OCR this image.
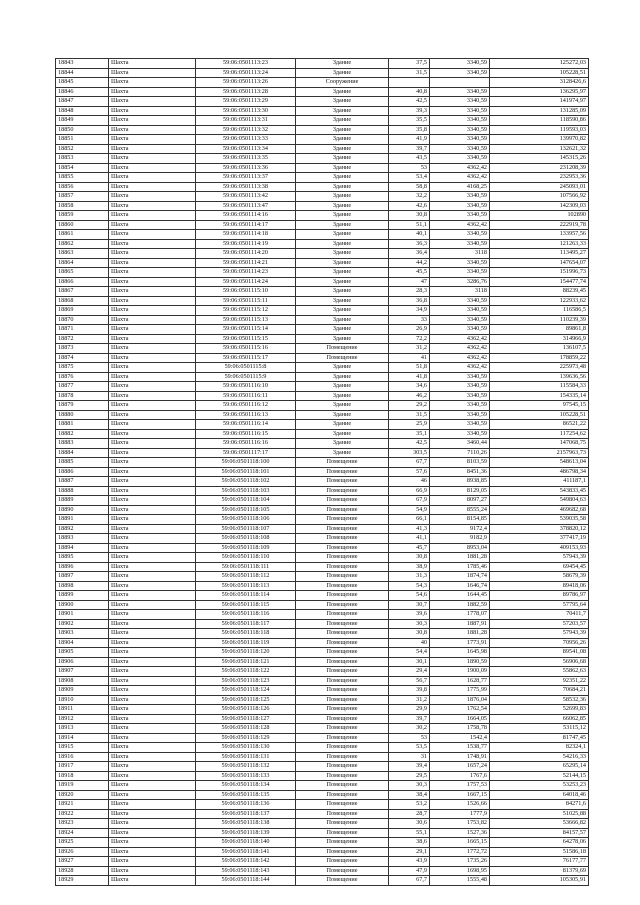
18843	Шахта	59:06:0501113:23	Здание	37,5	3340,59	125272,03
18844	Шахта	59:06:0501113:24	Здание	31,5	3340,59	105228,51
18845	Шахта	59:06:0501113:26	Сооружение			3128426,6
18846	Шахта	59:06:0501113:28	Здание	40,8	3340,59	136295,97
18847	Шахта	59:06:0501113:29	Здание	42,5	3340,59	141974,97
18848	Шахта	59:06:0501113:30	Здание	39,3	3340,59	131285,09
18849	Шахта	59:06:0501113:31	Здание	35,5	3340,59	118590,86
18850	Шахта	59:06:0501113:32	Здание	35,8	3340,59	119593,03
18851	Шахта	59:06:0501113:33	Здание	41,9	3340,59	139970,82
18852	Шахта	59:06:0501113:34	Здание	39,7	3340,59	132621,32
18853	Шахта	59:06:0501113:35	Здание	43,5	3340,59	145315,26
18854	Шахта	59:06:0501113:36	Здание	53	4362,42	231208,39
18855	Шахта	59:06:0501113:37	Здание	53,4	4362,42	232953,36
18856	Шахта	59:06:0501113:38	Здание	58,8	4168,25	245093,01
18857	Шахта	59:06:0501113:42	Здание	32,2	3340,59	107566,92
18858	Шахта	59:06:0501113:47	Здание	42,6	3340,59	142309,03
18859	Шахта	59:06:0501114:16	Здание	30,8	3340,59	102890
18860	Шахта	59:06:0501114:17	Здание	51,1	4362,42	222919,78
18861	Шахта	59:06:0501114:18	Здание	40,1	3340,59	133957,56
18862	Шахта	59:06:0501114:19	Здание	36,3	3340,59	121263,33
18863	Шахта	59:06:0501114:20	Здание	36,4	3118	113495,27
18864	Шахта	59:06:0501114:21	Здание	44,2	3340,59	147654,07
18865	Шахта	59:06:0501114:23	Здание	45,5	3340,59	151996,73
18866	Шахта	59:06:0501114:24	Здание	47	3286,76	154477,74
18867	Шахта	59:06:0501115:10	Здание	28,3	3118	88239,45
18868	Шахта	59:06:0501115:11	Здание	36,8	3340,59	122933,62
18869	Шахта	59:06:0501115:12	Здание	34,9	3340,59	116586,5
18870	Шахта	59:06:0501115:13	Здание	33	3340,59	110239,39
18871	Шахта	59:06:0501115:14	Здание	26,9	3340,59	89861,8
18872	Шахта	59:06:0501115:15	Здание	72,2	4362,42	314966,9
18873	Шахта	59:06:0501115:16	Помещение	31,2	4362,42	136107,5
18874	Шахта	59:06:0501115:17	Помещение	41	4362,42	178859,22
18875	Шахта	59:06:0501115:8	Здание	51,8	4362,42	225973,48
18876	Шахта	59:06:0501115:9	Здание	41,8	3340,59	139636,56
18877	Шахта	59:06:0501116:10	Здание	34,6	3340,59	115584,33
18878	Шахта	59:06:0501116:11	Здание	46,2	3340,59	154335,14
18879	Шахта	59:06:0501116:12	Здание	29,2	3340,59	97545,15
18880	Шахта	59:06:0501116:13	Здание	31,5	3340,59	105228,51
18881	Шахта	59:06:0501116:14	Здание	25,9	3340,59	86521,22
18882	Шахта	59:06:0501116:15	Здание	35,1	3340,59	117254,62
18883	Шахта	59:06:0501116:16	Здание	42,5	3460,44	147068,75
18884	Шахта	59:06:0501117:17	Здание	303,5	7110,26	2157963,73
18885	Шахта	59:06:0501118:100	Помещение	67,7	8103,59	548613,04
18886	Шахта	59:06:0501118:101	Помещение	57,6	8451,36	486798,34
18887	Шахта	59:06:0501118:102	Помещение	46	8938,85	411187,1
18888	Шахта	59:06:0501118:103	Помещение	66,9	8129,05	543833,45
18889	Шахта	59:06:0501118:104	Помещение	67,9	8097,27	549804,63
18890	Шахта	59:06:0501118:105	Помещение	54,9	8555,24	469682,68
18891	Шахта	59:06:0501118:106	Помещение	66,1	8154,85	539035,58
18892	Шахта	59:06:0501118:107	Помещение	41,3	9172,4	378820,12
18893	Шахта	59:06:0501118:108	Помещение	41,1	9182,9	377417,19
18894	Шахта	59:06:0501118:109	Помещение	45,7	8953,04	409153,93
18895	Шахта	59:06:0501118:110	Помещение	30,8	1881,28	57943,39
18896	Шахта	59:06:0501118:111	Помещение	38,9	1785,46	69454,45
18897	Шахта	59:06:0501118:112	Помещение	31,3	1874,74	58679,39
18898	Шахта	59:06:0501118:113	Помещение	54,3	1646,74	89418,06
18899	Шахта	59:06:0501118:114	Помещение	54,6	1644,45	89786,97
18900	Шахта	59:06:0501118:115	Помещение	30,7	1882,59	57795,64
18901	Шахта	59:06:0501118:116	Помещение	39,6	1778,07	70411,7
18902	Шахта	59:06:0501118:117	Помещение	30,3	1887,91	57203,57
18903	Шахта	59:06:0501118:118	Помещение	30,8	1881,28	57943,39
18904	Шахта	59:06:0501118:119	Помещение	40	1773,91	70956,26
18905	Шахта	59:06:0501118:120	Помещение	54,4	1645,98	89541,08
18906	Шахта	59:06:0501118:121	Помещение	30,1	1890,59	56906,68
18907	Шахта	59:06:0501118:122	Помещение	29,4	1900,09	55862,63
18908	Шахта	59:06:0501118:123	Помещение	56,7	1628,77	92351,22
18909	Шахта	59:06:0501118:124	Помещение	39,8	1775,99	70684,21
18910	Шахта	59:06:0501118:125	Помещение	31,2	1876,04	58532,36
18911	Шахта	59:06:0501118:126	Помещение	29,9	1762,54	52699,83
18912	Шахта	59:06:0501118:127	Помещение	39,7	1664,05	66062,85
18913	Шахта	59:06:0501118:128	Помещение	30,2	1758,78	53115,12
18914	Шахта	59:06:0501118:129	Помещение	53	1542,4	81747,45
18915	Шахта	59:06:0501118:130	Помещение	53,5	1538,77	82324,1
18916	Шахта	59:06:0501118:131	Помещение	31	1748,91	54216,33
18917	Шахта	59:06:0501118:132	Помещение	39,4	1657,24	65295,14
18918	Шахта	59:06:0501118:133	Помещение	29,5	1767,6	52144,15
18919	Шахта	59:06:0501118:134	Помещение	30,3	1757,53	53253,23
18920	Шахта	59:06:0501118:135	Помещение	38,4	1667,15	64018,46
18921	Шахта	59:06:0501118:136	Помещение	53,2	1526,66	84271,6
18922	Шахта	59:06:0501118:137	Помещение	28,7	1777,9	51025,88
18923	Шахта	59:06:0501118:138	Помещение	30,6	1753,82	53666,82
18924	Шахта	59:06:0501118:139	Помещение	55,1	1527,36	84157,57
18925	Шахта	59:06:0501118:140	Помещение	38,6	1665,15	64278,06
18926	Шахта	59:06:0501118:141	Помещение	29,1	1772,72	51586,18
18927	Шахта	59:06:0501118:142	Помещение	43,9	1735,26	76177,77
18928	Шахта	59:06:0501118:143	Помещение	47,9	1698,95	81379,69
18929	Шахта	59:06:0501118:144	Помещение	67,7	1555,48	105305,91
